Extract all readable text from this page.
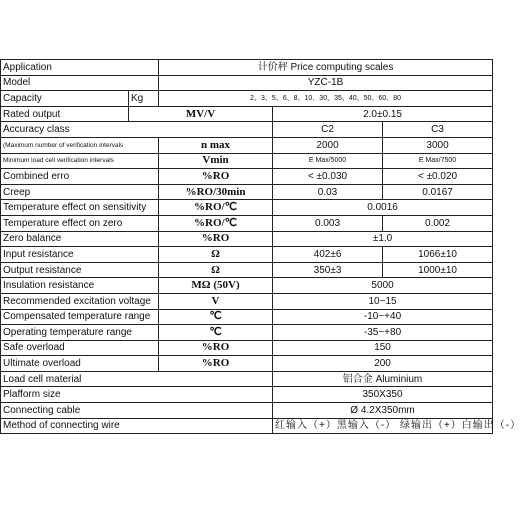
Application		计价秤 Price computing scales		
Model		YZC-1B		
Capacity	Kg	2、3、5、6、8、10、30、35、40、50、60、80		
Rated output	MV/V		2.0±0.15	
Accuracy class			C2	C3
(Maximum number of verification intervals		n max	2000	3000
Minimum load cell verification intervals		Vmin	E Max/5000	E Max/7500
Combined erro		%RO	< ±0.030	< ±0.020
Creep		%RO/30min	0.03	0.0167
Temperature effect on sensitivity		%RO/℃	0.0016	
Temperature effect on zero		%RO/℃	0.003	0.002
Zero balance		%RO	±1.0	
Input resistance		Ω	402±6	1066±10
Output resistance		Ω	350±3	1000±10
Insulation resistance		MΩ (50V)	5000	
Recommended excitation voltage		V	10~15	
Compensated temperature range		℃	-10~+40	
Operating temperature range		℃	-35~+80	
Safe overload		%RO	150	
Ultimate overload		%RO	200	
Load cell material			铝合金 Aluminium	
Plafform size			350X350	
Connecting cable			Ø 4.2X350mm	
Method of connecting wire			红输入（+）黑输入（-） 绿输出（+）白输出（-）	
